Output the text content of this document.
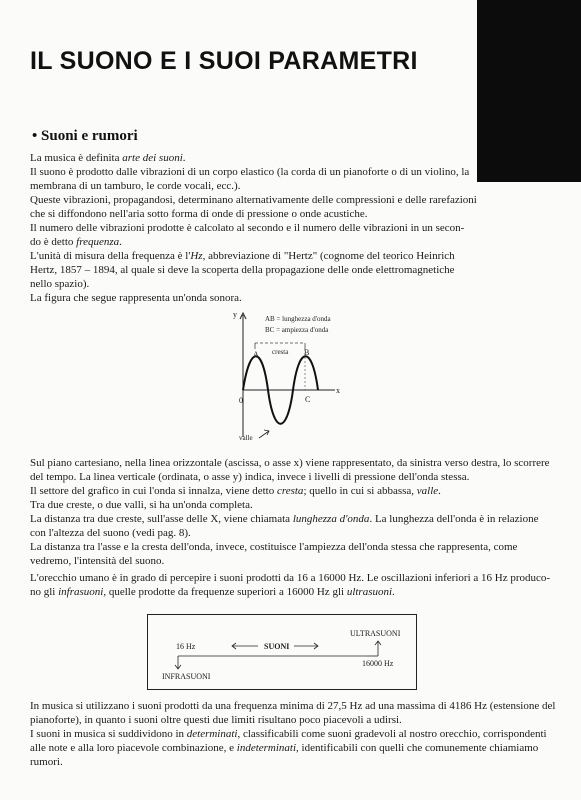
IL SUONO E I SUOI PARAMETRI
• Suoni e rumori
La musica è definita arte dei suoni.
Il suono è prodotto dalle vibrazioni di un corpo elastico (la corda di un pianoforte o di un violino, la
membrana di un tamburo, le corde vocali, ecc.).
Queste vibrazioni, propagandosi, determinano alternativamente delle compressioni e delle rarefazioni
che si diffondono nell'aria sotto forma di onde di pressione o onde acustiche.
Il numero delle vibrazioni prodotte è calcolato al secondo e il numero delle vibrazioni in un secon-
do è detto frequenza.
L'unità di misura della frequenza è l'Hz, abbreviazione di "Hertz" (cognome del teorico Heinrich
Hertz, 1857 – 1894, al quale si deve la scoperta della propagazione delle onde elettromagnetiche
nello spazio).
La figura che segue rappresenta un'onda sonora.
y
x
0
AB = lunghezza d'onda
BC = ampiezza d'onda
A	B
cresta
C
valle
Sul piano cartesiano, nella linea orizzontale (ascissa, o asse x) viene rappresentato, da sinistra verso destra, lo scorrere
del tempo. La linea verticale (ordinata, o asse y) indica, invece i livelli di pressione dell'onda stessa.
Il settore del grafico in cui l'onda si innalza, viene detto cresta; quello in cui si abbassa, valle.
Tra due creste, o due valli, si ha un'onda completa.
La distanza tra due creste, sull'asse delle X, viene chiamata lunghezza d'onda. La lunghezza dell'onda è in relazione
con l'altezza del suono (vedi pag. 8).
La distanza tra l'asse e la cresta dell'onda, invece, costituisce l'ampiezza dell'onda stessa che rappresenta, come
vedremo, l'intensità del suono.
L'orecchio umano è in grado di percepire i suoni prodotti da 16 a 16000 Hz. Le oscillazioni inferiori a 16 Hz produco-
no gli infrasuoni, quelle prodotte da frequenze superiori a 16000 Hz gli ultrasuoni.
16 Hz
16000 Hz
SUONI
INFRASUONI
ULTRASUONI
In musica si utilizzano i suoni prodotti da una frequenza minima di 27,5 Hz ad una massima di 4186 Hz (estensione del
pianoforte), in quanto i suoni oltre questi due limiti risultano poco piacevoli a udirsi.
I suoni in musica si suddividono in determinati, classificabili come suoni gradevoli al nostro orecchio, corrispondenti
alle note e alla loro piacevole combinazione, e indeterminati, identificabili con quelli che comunemente chiamiamo
rumori.
